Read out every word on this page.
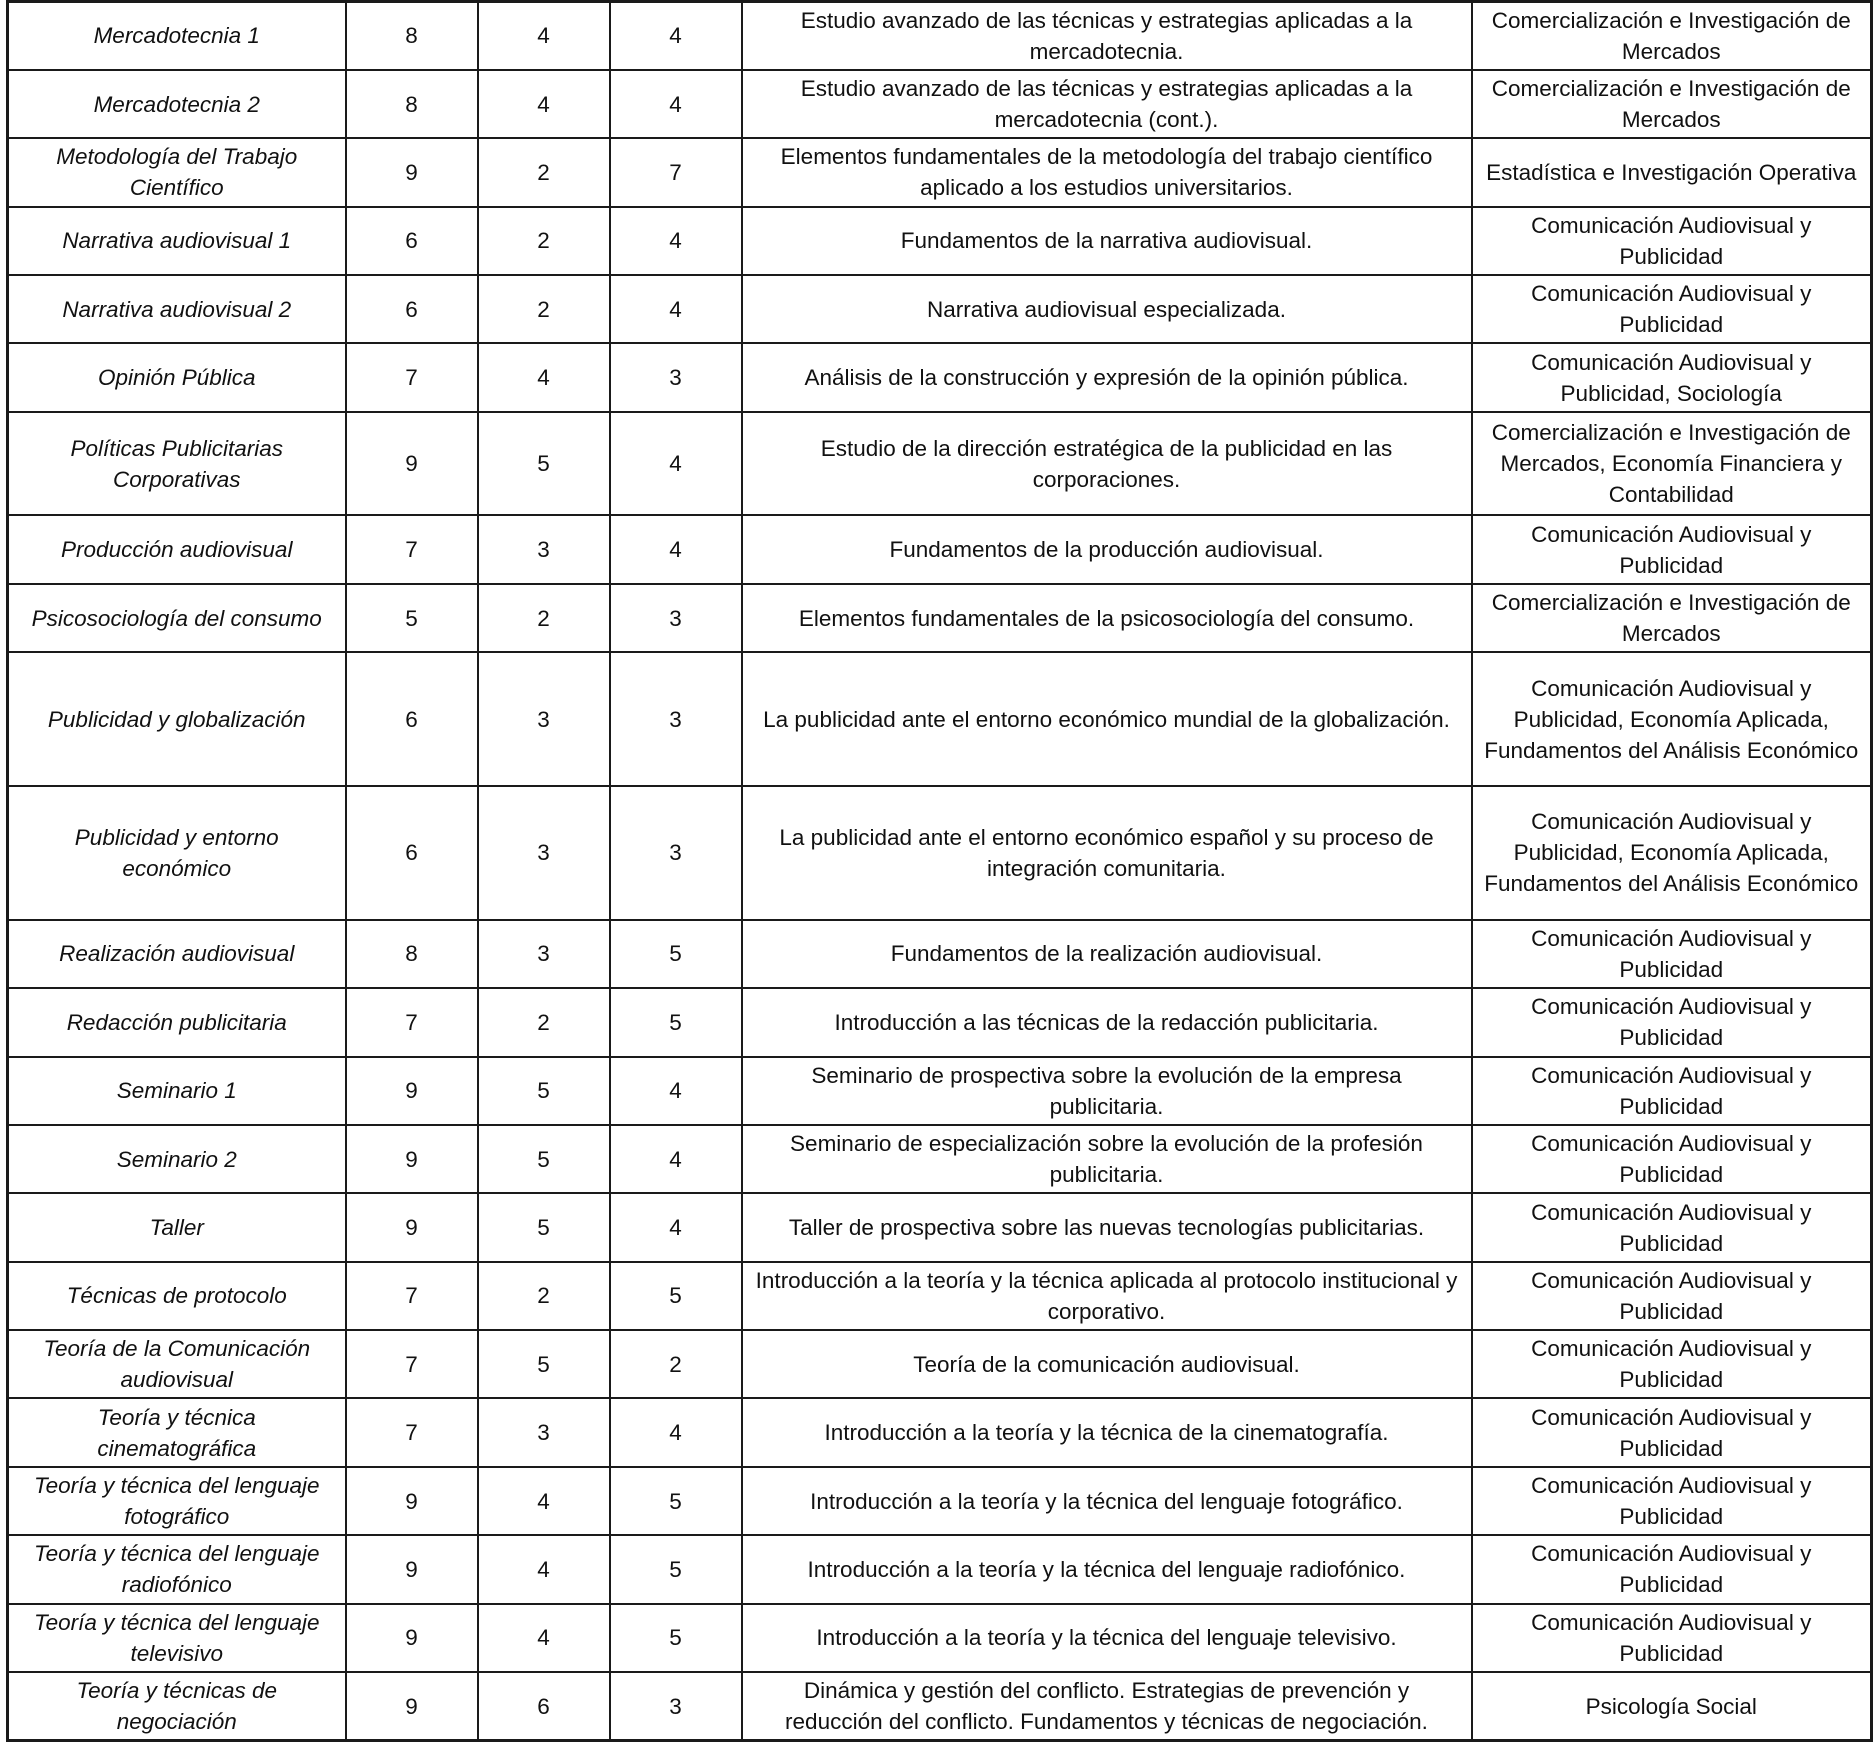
Mercadotecnia 1	8	4	4	Estudio avanzado de las técnicas y estrategias aplicadas a la mercadotecnia.	Comercialización e Investigación de Mercados
Mercadotecnia 2	8	4	4	Estudio avanzado de las técnicas y estrategias aplicadas a la mercadotecnia (cont.).	Comercialización e Investigación de Mercados
Metodología del Trabajo Científico	9	2	7	Elementos fundamentales de la metodología del trabajo científico aplicado a los estudios universitarios.	Estadística e Investigación Operativa
Narrativa audiovisual 1	6	2	4	Fundamentos de la narrativa audiovisual.	Comunicación Audiovisual y Publicidad
Narrativa audiovisual 2	6	2	4	Narrativa audiovisual especializada.	Comunicación Audiovisual y Publicidad
Opinión Pública	7	4	3	Análisis de la construcción y expresión de la opinión pública.	Comunicación Audiovisual y Publicidad, Sociología
Políticas Publicitarias Corporativas	9	5	4	Estudio de la dirección estratégica de la publicidad en las corporaciones.	Comercialización e Investigación de Mercados, Economía Financiera y Contabilidad
Producción audiovisual	7	3	4	Fundamentos de la producción audiovisual.	Comunicación Audiovisual y Publicidad
Psicosociología del consumo	5	2	3	Elementos fundamentales de la psicosociología del consumo.	Comercialización e Investigación de Mercados
Publicidad y globalización	6	3	3	La publicidad ante el entorno económico mundial de la globalización.	Comunicación Audiovisual y Publicidad, Economía Aplicada, Fundamentos del Análisis Económico
Publicidad y entorno económico	6	3	3	La publicidad ante el entorno económico español y su proceso de integración comunitaria.	Comunicación Audiovisual y Publicidad, Economía Aplicada, Fundamentos del Análisis Económico
Realización audiovisual	8	3	5	Fundamentos de la realización audiovisual.	Comunicación Audiovisual y Publicidad
Redacción publicitaria	7	2	5	Introducción a las técnicas de la redacción publicitaria.	Comunicación Audiovisual y Publicidad
Seminario 1	9	5	4	Seminario de prospectiva sobre la evolución de la empresa publicitaria.	Comunicación Audiovisual y Publicidad
Seminario 2	9	5	4	Seminario de especialización sobre la evolución de la profesión publicitaria.	Comunicación Audiovisual y Publicidad
Taller	9	5	4	Taller de prospectiva sobre las nuevas tecnologías publicitarias.	Comunicación Audiovisual y Publicidad
Técnicas de protocolo	7	2	5	Introducción a la teoría y la técnica aplicada al protocolo institucional y corporativo.	Comunicación Audiovisual y Publicidad
Teoría de la Comunicación audiovisual	7	5	2	Teoría de la comunicación audiovisual.	Comunicación Audiovisual y Publicidad
Teoría y técnica cinematográfica	7	3	4	Introducción a la teoría y la técnica de la cinematografía.	Comunicación Audiovisual y Publicidad
Teoría y técnica del lenguaje fotográfico	9	4	5	Introducción a la teoría y la técnica del lenguaje fotográfico.	Comunicación Audiovisual y Publicidad
Teoría y técnica del lenguaje radiofónico	9	4	5	Introducción a la teoría y la técnica del lenguaje radiofónico.	Comunicación Audiovisual y Publicidad
Teoría y técnica del lenguaje televisivo	9	4	5	Introducción a la teoría y la técnica del lenguaje televisivo.	Comunicación Audiovisual y Publicidad
Teoría y técnicas de negociación	9	6	3	Dinámica y gestión del conflicto. Estrategias de prevención y reducción del conflicto. Fundamentos y técnicas de negociación.	Psicología Social
